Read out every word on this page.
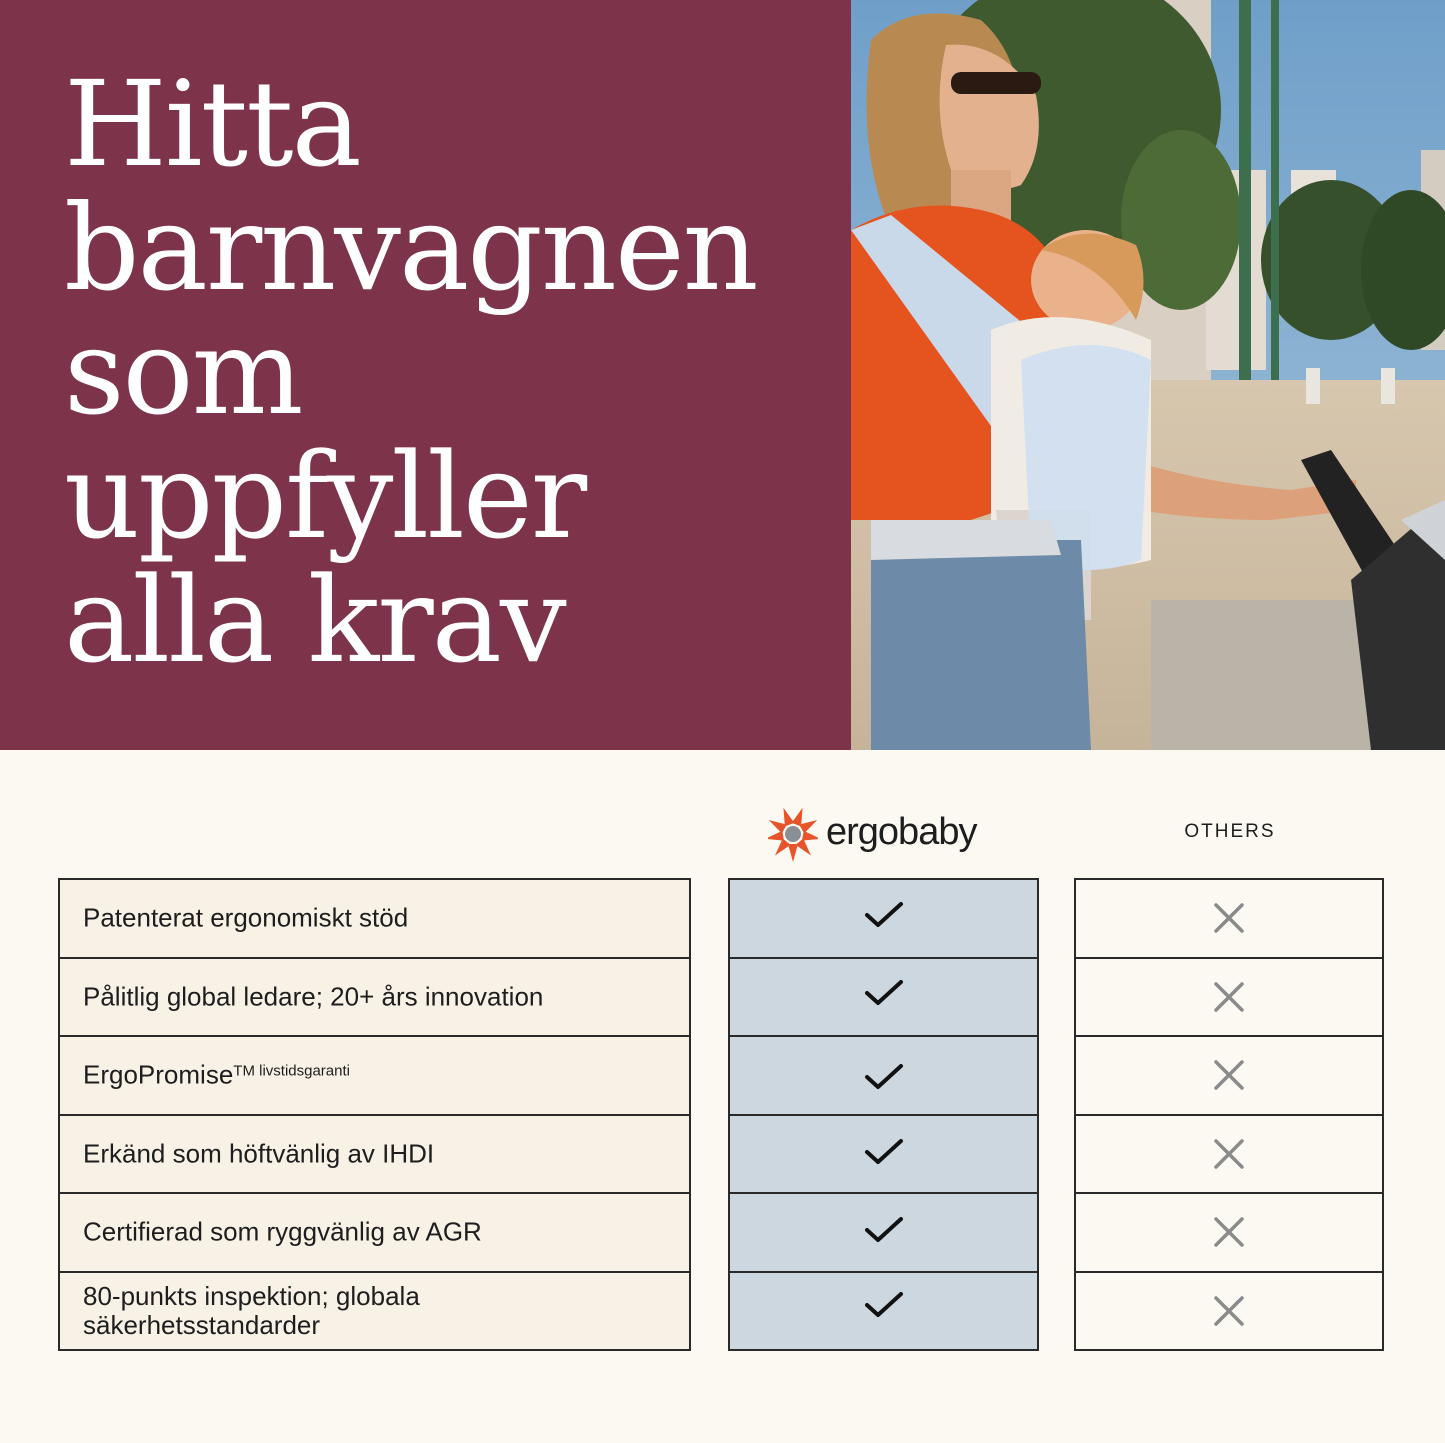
Hitta
barnvagnen
som
uppfyller
alla krav
ergobaby	OTHERS
Patenterat ergonomiskt stöd
Pålitlig global ledare; 20+ års innovation
ErgoPromise$^{TM livstidsgaranti}$
Erkänd som höftvänlig av IHDI
Certifierad som ryggvänlig av AGR
80-punkts inspektion; globala säkerhetsstandarder
